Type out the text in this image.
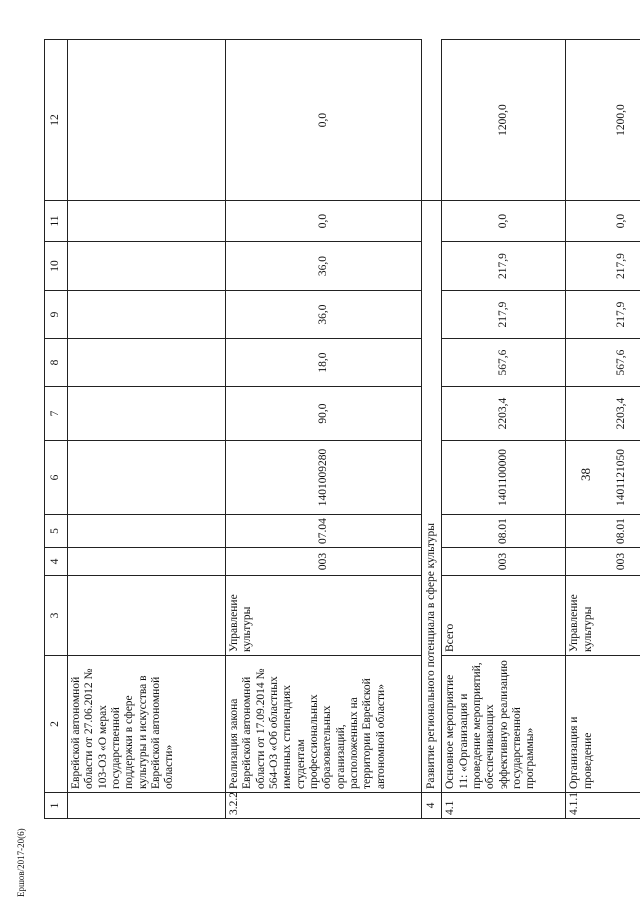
38
Ершов/2017-20(6)
1	2	3	4	5	6	7	8	9	10	11	12
	Еврейской автономной области от 27.06.2012 № 103-ОЗ «О мерах государственной поддержки в сфере культуры и искусства в Еврейской автономной области»										
3.2.2	Реализация закона Еврейской автономной области от 17.09.2014 № 564-ОЗ «Об областных именных стипендиях студентам профессиональных образовательных организаций, расположенных на территории Еврейской автономной области»	Управление культуры	003	07.04	1401009280	90,0	18,0	36,0	36,0	0,0	0,0
4	Развитие регионального потенциала в сфере культуры										
4.1	Основное мероприятие 11: «Организация и проведение мероприятий, обеспечивающих эффективную реализацию государственной программы»	Всего	003	08.01	1401100000	2203,4	567,6	217,9	217,9	0,0	1200,0
4.1.1	Организация и проведение	Управление культуры	003	08.01	1401121050	2203,4	567,6	217,9	217,9	0,0	1200,0
